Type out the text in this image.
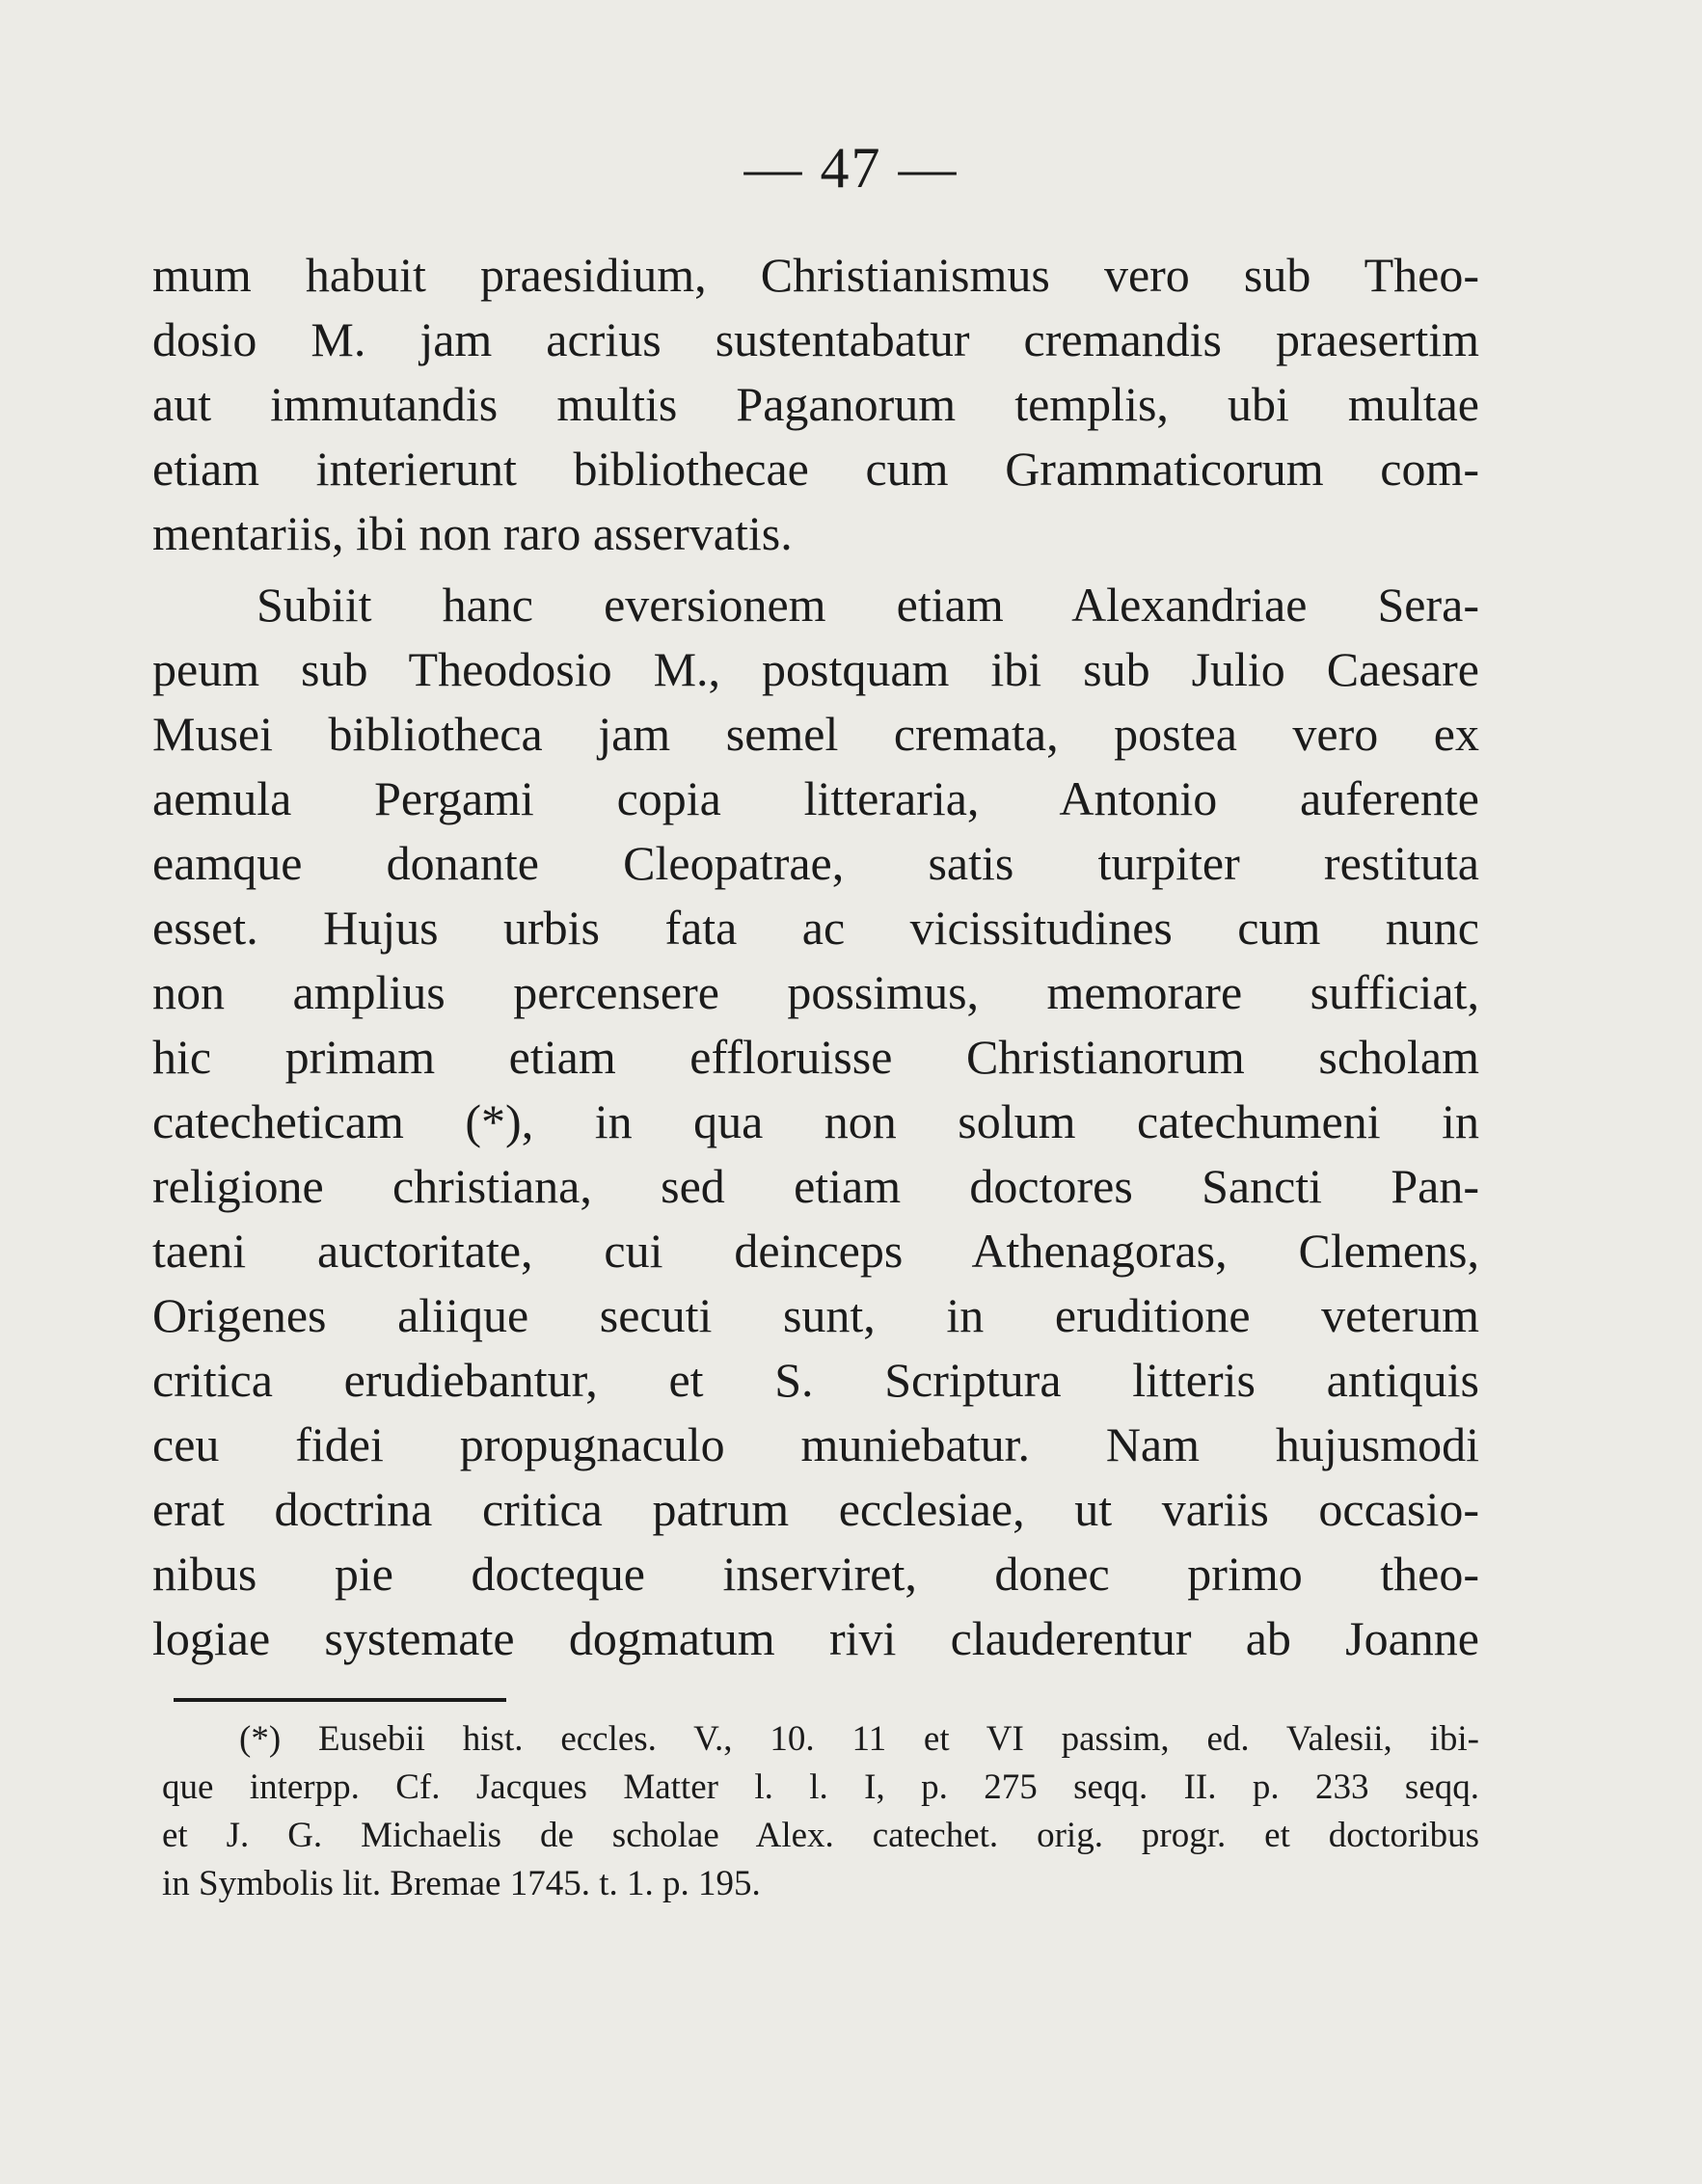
— 47 —
mum habuit praesidium, Christianismus vero sub Theo-
dosio M. jam acrius sustentabatur cremandis praesertim
aut immutandis multis Paganorum templis, ubi multae
etiam interierunt bibliothecae cum Grammaticorum com-
mentariis, ibi non raro asservatis.
Subiit hanc eversionem etiam Alexandriae Sera-
peum sub Theodosio M., postquam ibi sub Julio Caesare
Musei bibliotheca jam semel cremata, postea vero ex
aemula Pergami copia litteraria, Antonio auferente
eamque donante Cleopatrae, satis turpiter restituta
esset. Hujus urbis fata ac vicissitudines cum nunc
non amplius percensere possimus, memorare sufficiat,
hic primam etiam effloruisse Christianorum scholam
catecheticam (*), in qua non solum catechumeni in
religione christiana, sed etiam doctores Sancti Pan-
taeni auctoritate, cui deinceps Athenagoras, Clemens,
Origenes aliique secuti sunt, in eruditione veterum
critica erudiebantur, et S. Scriptura litteris antiquis
ceu fidei propugnaculo muniebatur. Nam hujusmodi
erat doctrina critica patrum ecclesiae, ut variis occasio-
nibus pie docteque inserviret, donec primo theo-
logiae systemate dogmatum rivi clauderentur ab Joanne
(*) Eusebii hist. eccles. V., 10. 11 et VI passim, ed. Valesii, ibi-
que interpp. Cf. Jacques Matter l. l. I, p. 275 seqq. II. p. 233 seqq.
et J. G. Michaelis de scholae Alex. catechet. orig. progr. et doctoribus
in Symbolis lit. Bremae 1745. t. 1. p. 195.
